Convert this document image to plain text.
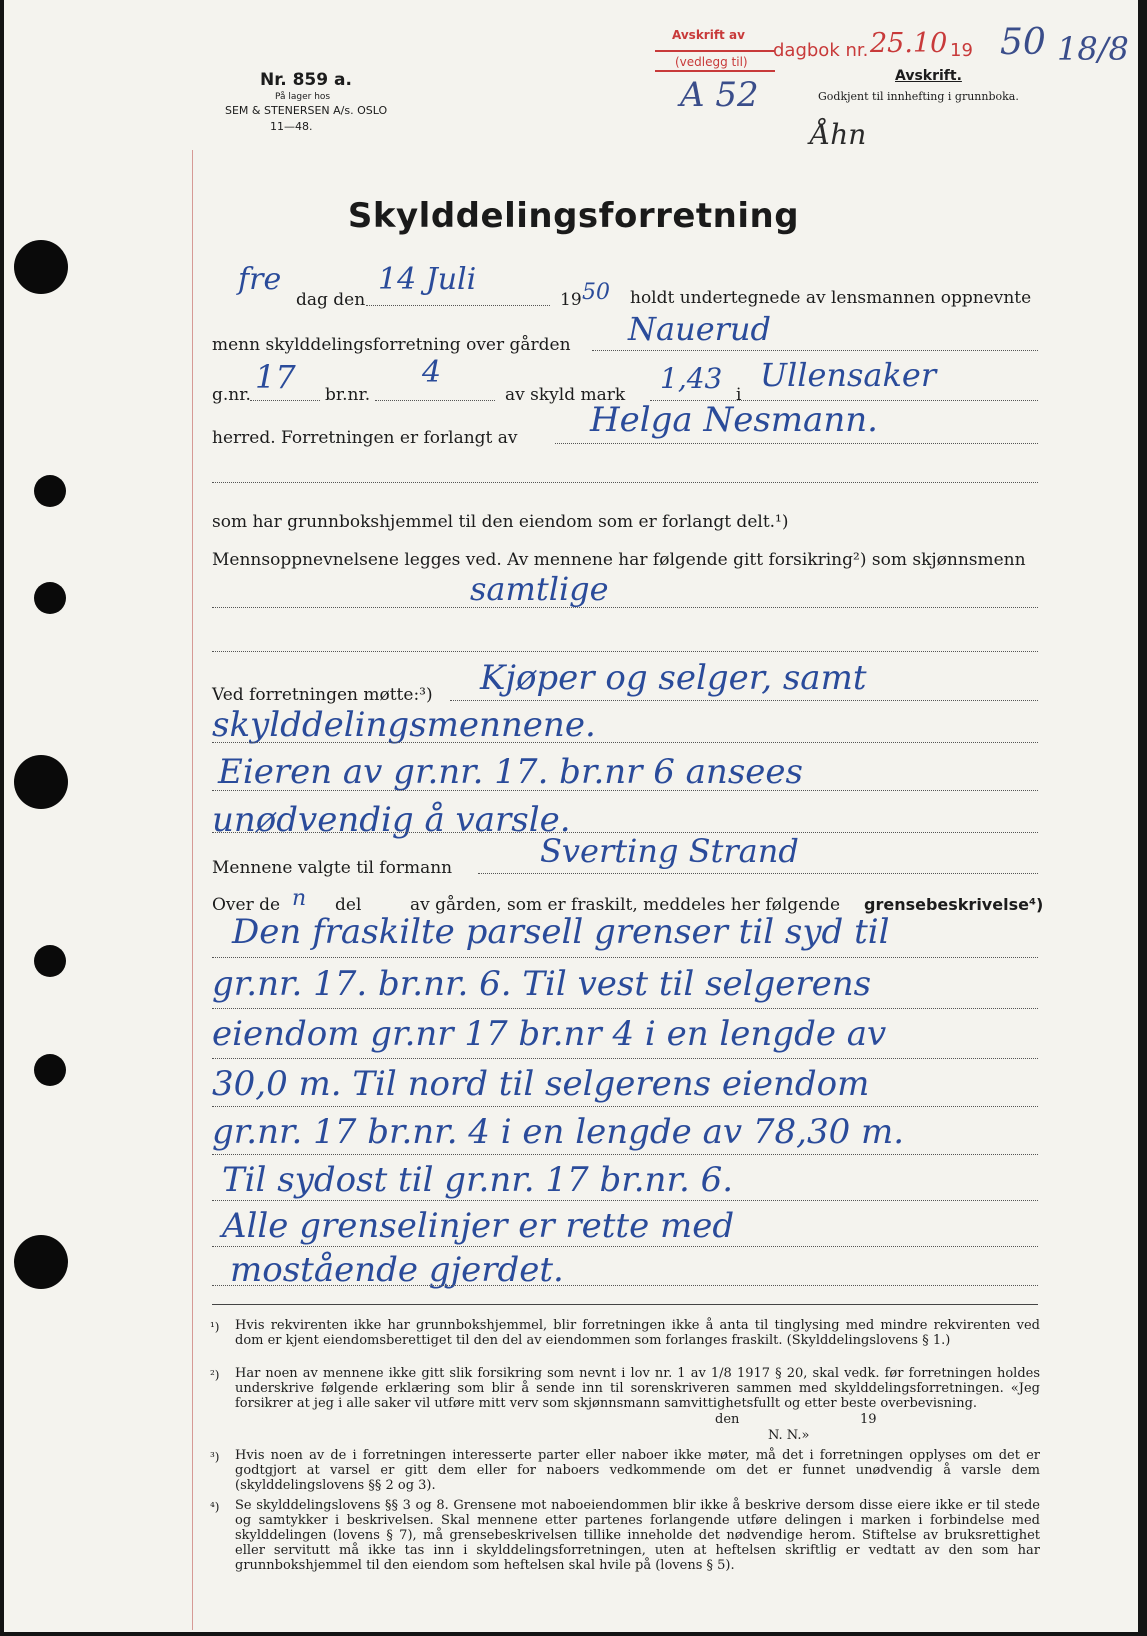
Nr. 859 a.
På lager hos
SEM & STENERSEN A/s. OSLO
11—48.
Avskrift av
(vedlegg til)
dagbok nr. 25.10 19 50 18/8
A 52	Avskrift.
Godkjent til innhefting i grunnboka.
Åhn
Skylddelingsforretning
fre
dag den
14 Juli
19 50 holdt undertegnede av lensmannen oppnevnte
menn skylddelingsforretning over gården Nauerud
g.nr. 17 br.nr.
4
av skyld mark 1,43 i
Ullensaker
herred. Forretningen er forlangt av Helga Nesmann.
som har grunnbokshjemmel til den eiendom som er forlangt delt.¹)
Mennsoppnevnelsene legges ved. Av mennene har følgende gitt forsikring²) som skjønnsmenn
samtlige
Ved forretningen møtte:³) Kjøper og selger, samt
skylddelingsmennene.
Eieren av gr.nr. 17. br.nr 6 ansees
unødvendig å varsle.
Mennene valgte til formann	Sverting Strand
Over de n del	av gården, som er fraskilt, meddeles her følgende grensebeskrivelse⁴)
Den fraskilte parsell grenser til syd til
gr.nr. 17. br.nr. 6. Til vest til selgerens
eiendom gr.nr 17 br.nr 4 i en lengde av
30,0 m. Til nord til selgerens eiendom
gr.nr. 17 br.nr. 4 i en lengde av 78,30 m.
Til sydost til gr.nr. 17 br.nr. 6.
Alle grenselinjer er rette med
mostående gjerdet.
¹) Hvis rekvirenten ikke har grunnbokshjemmel, blir forretningen ikke å anta til tinglysing med mindre rekvirenten ved dom er kjent eiendomsberettiget til den del av eiendommen som forlanges fraskilt. (Skylddelingslovens § 1.)
²) Har noen av mennene ikke gitt slik forsikring som nevnt i lov nr. 1 av 1/8 1917 § 20, skal vedk. før forretningen holdes underskrive følgende erklæring som blir å sende inn til sorenskriveren sammen med skylddelingsforretningen. «Jeg forsikrer at jeg i alle saker vil utføre mitt verv som skjønnsmann samvittighetsfullt og etter beste overbevisning.
den	19
N. N.»
³) Hvis noen av de i forretningen interesserte parter eller naboer ikke møter, må det i forretningen opplyses om det er godtgjort at varsel er gitt dem eller for naboers vedkommende om det er funnet unødvendig å varsle dem (skylddelingslovens §§ 2 og 3).
⁴) Se skylddelingslovens §§ 3 og 8. Grensene mot naboeiendommen blir ikke å beskrive dersom disse eiere ikke er til stede og samtykker i beskrivelsen. Skal mennene etter partenes forlangende utføre delingen i marken i forbindelse med skylddelingen (lovens § 7), må grensebeskrivelsen tillike inneholde det nødvendige herom. Stiftelse av bruksrettighet eller servitutt må ikke tas inn i skylddelingsforretningen, uten at heftelsen skriftlig er vedtatt av den som har grunnbokshjemmel til den eiendom som heftelsen skal hvile på (lovens § 5).
